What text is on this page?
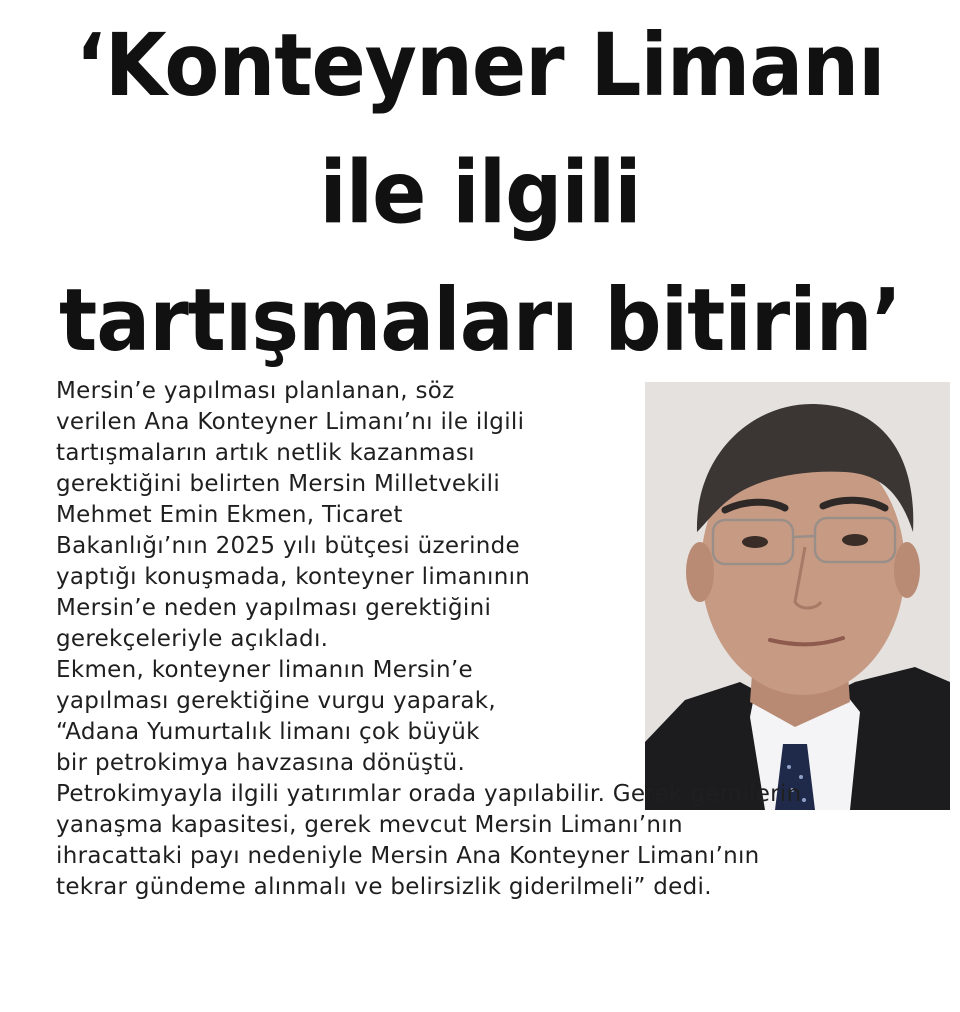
‘Konteyner Limanı
ile ilgili
tartışmaları bitirin’
Mersin’e yapılması planlanan, söz
verilen Ana Konteyner Limanı’nı ile ilgili
tartışmaların artık netlik kazanması
gerektiğini belirten Mersin Milletvekili
Mehmet Emin Ekmen, Ticaret
Bakanlığı’nın 2025 yılı bütçesi üzerinde
yaptığı konuşmada, konteyner limanının
Mersin’e neden yapılması gerektiğini
gerekçeleriyle açıkladı.
Ekmen, konteyner limanın Mersin’e
yapılması gerektiğine vurgu yaparak,
“Adana Yumurtalık limanı çok büyük
bir petrokimya havzasına dönüştü.
Petrokimyayla ilgili yatırımlar orada yapılabilir. Gerek gemilerin
yanaşma kapasitesi, gerek mevcut Mersin Limanı’nın
ihracattaki payı nedeniyle Mersin Ana Konteyner Limanı’nın
tekrar gündeme alınmalı ve belirsizlik giderilmeli” dedi.
